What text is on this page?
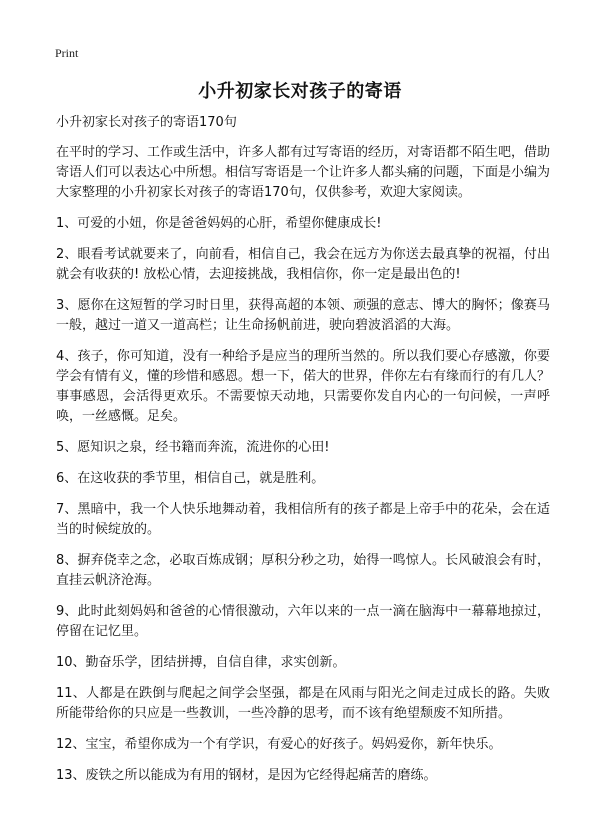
Print
小升初家长对孩子的寄语

小升初家长对孩子的寄语170句

在平时的学习、工作或生活中，许多人都有过写寄语的经历，对寄语都不陌生吧，借助寄语人们可以表达心中所想。相信写寄语是一个让许多人都头痛的问题，下面是小编为大家整理的小升初家长对孩子的寄语170句，仅供参考，欢迎大家阅读。

1、可爱的小妞，你是爸爸妈妈的心肝，希望你健康成长!

2、眼看考试就要来了，向前看，相信自己，我会在远方为你送去最真挚的祝福，付出就会有收获的! 放松心情，去迎接挑战，我相信你，你一定是最出色的!

3、愿你在这短暂的学习时日里，获得高超的本领、顽强的意志、博大的胸怀；像赛马一般，越过一道又一道高栏；让生命扬帆前进，驶向碧波滔滔的大海。

4、孩子，你可知道，没有一种给予是应当的理所当然的。所以我们要心存感激，你要学会有情有义，懂的珍惜和感恩。想一下，偌大的世界，伴你左右有缘而行的有几人？事事感恩，会活得更欢乐。不需要惊天动地，只需要你发自内心的一句问候，一声呼唤，一丝感慨。足矣。

5、愿知识之泉，经书籍而奔流，流进你的心田!

6、在这收获的季节里，相信自己，就是胜利。

7、黑暗中，我一个人快乐地舞动着，我相信所有的孩子都是上帝手中的花朵，会在适当的时候绽放的。

8、摒弃侥幸之念，必取百炼成钢；厚积分秒之功，始得一鸣惊人。长风破浪会有时，直挂云帆济沧海。

9、此时此刻妈妈和爸爸的心情很激动，六年以来的一点一滴在脑海中一幕幕地掠过，停留在记忆里。

10、勤奋乐学，团结拼搏，自信自律，求实创新。

11、人都是在跌倒与爬起之间学会坚强，都是在风雨与阳光之间走过成长的路。失败所能带给你的只应是一些教训，一些冷静的思考，而不该有绝望颓废不知所措。

12、宝宝，希望你成为一个有学识，有爱心的好孩子。妈妈爱你，新年快乐。

13、废铁之所以能成为有用的钢材，是因为它经得起痛苦的磨练。
